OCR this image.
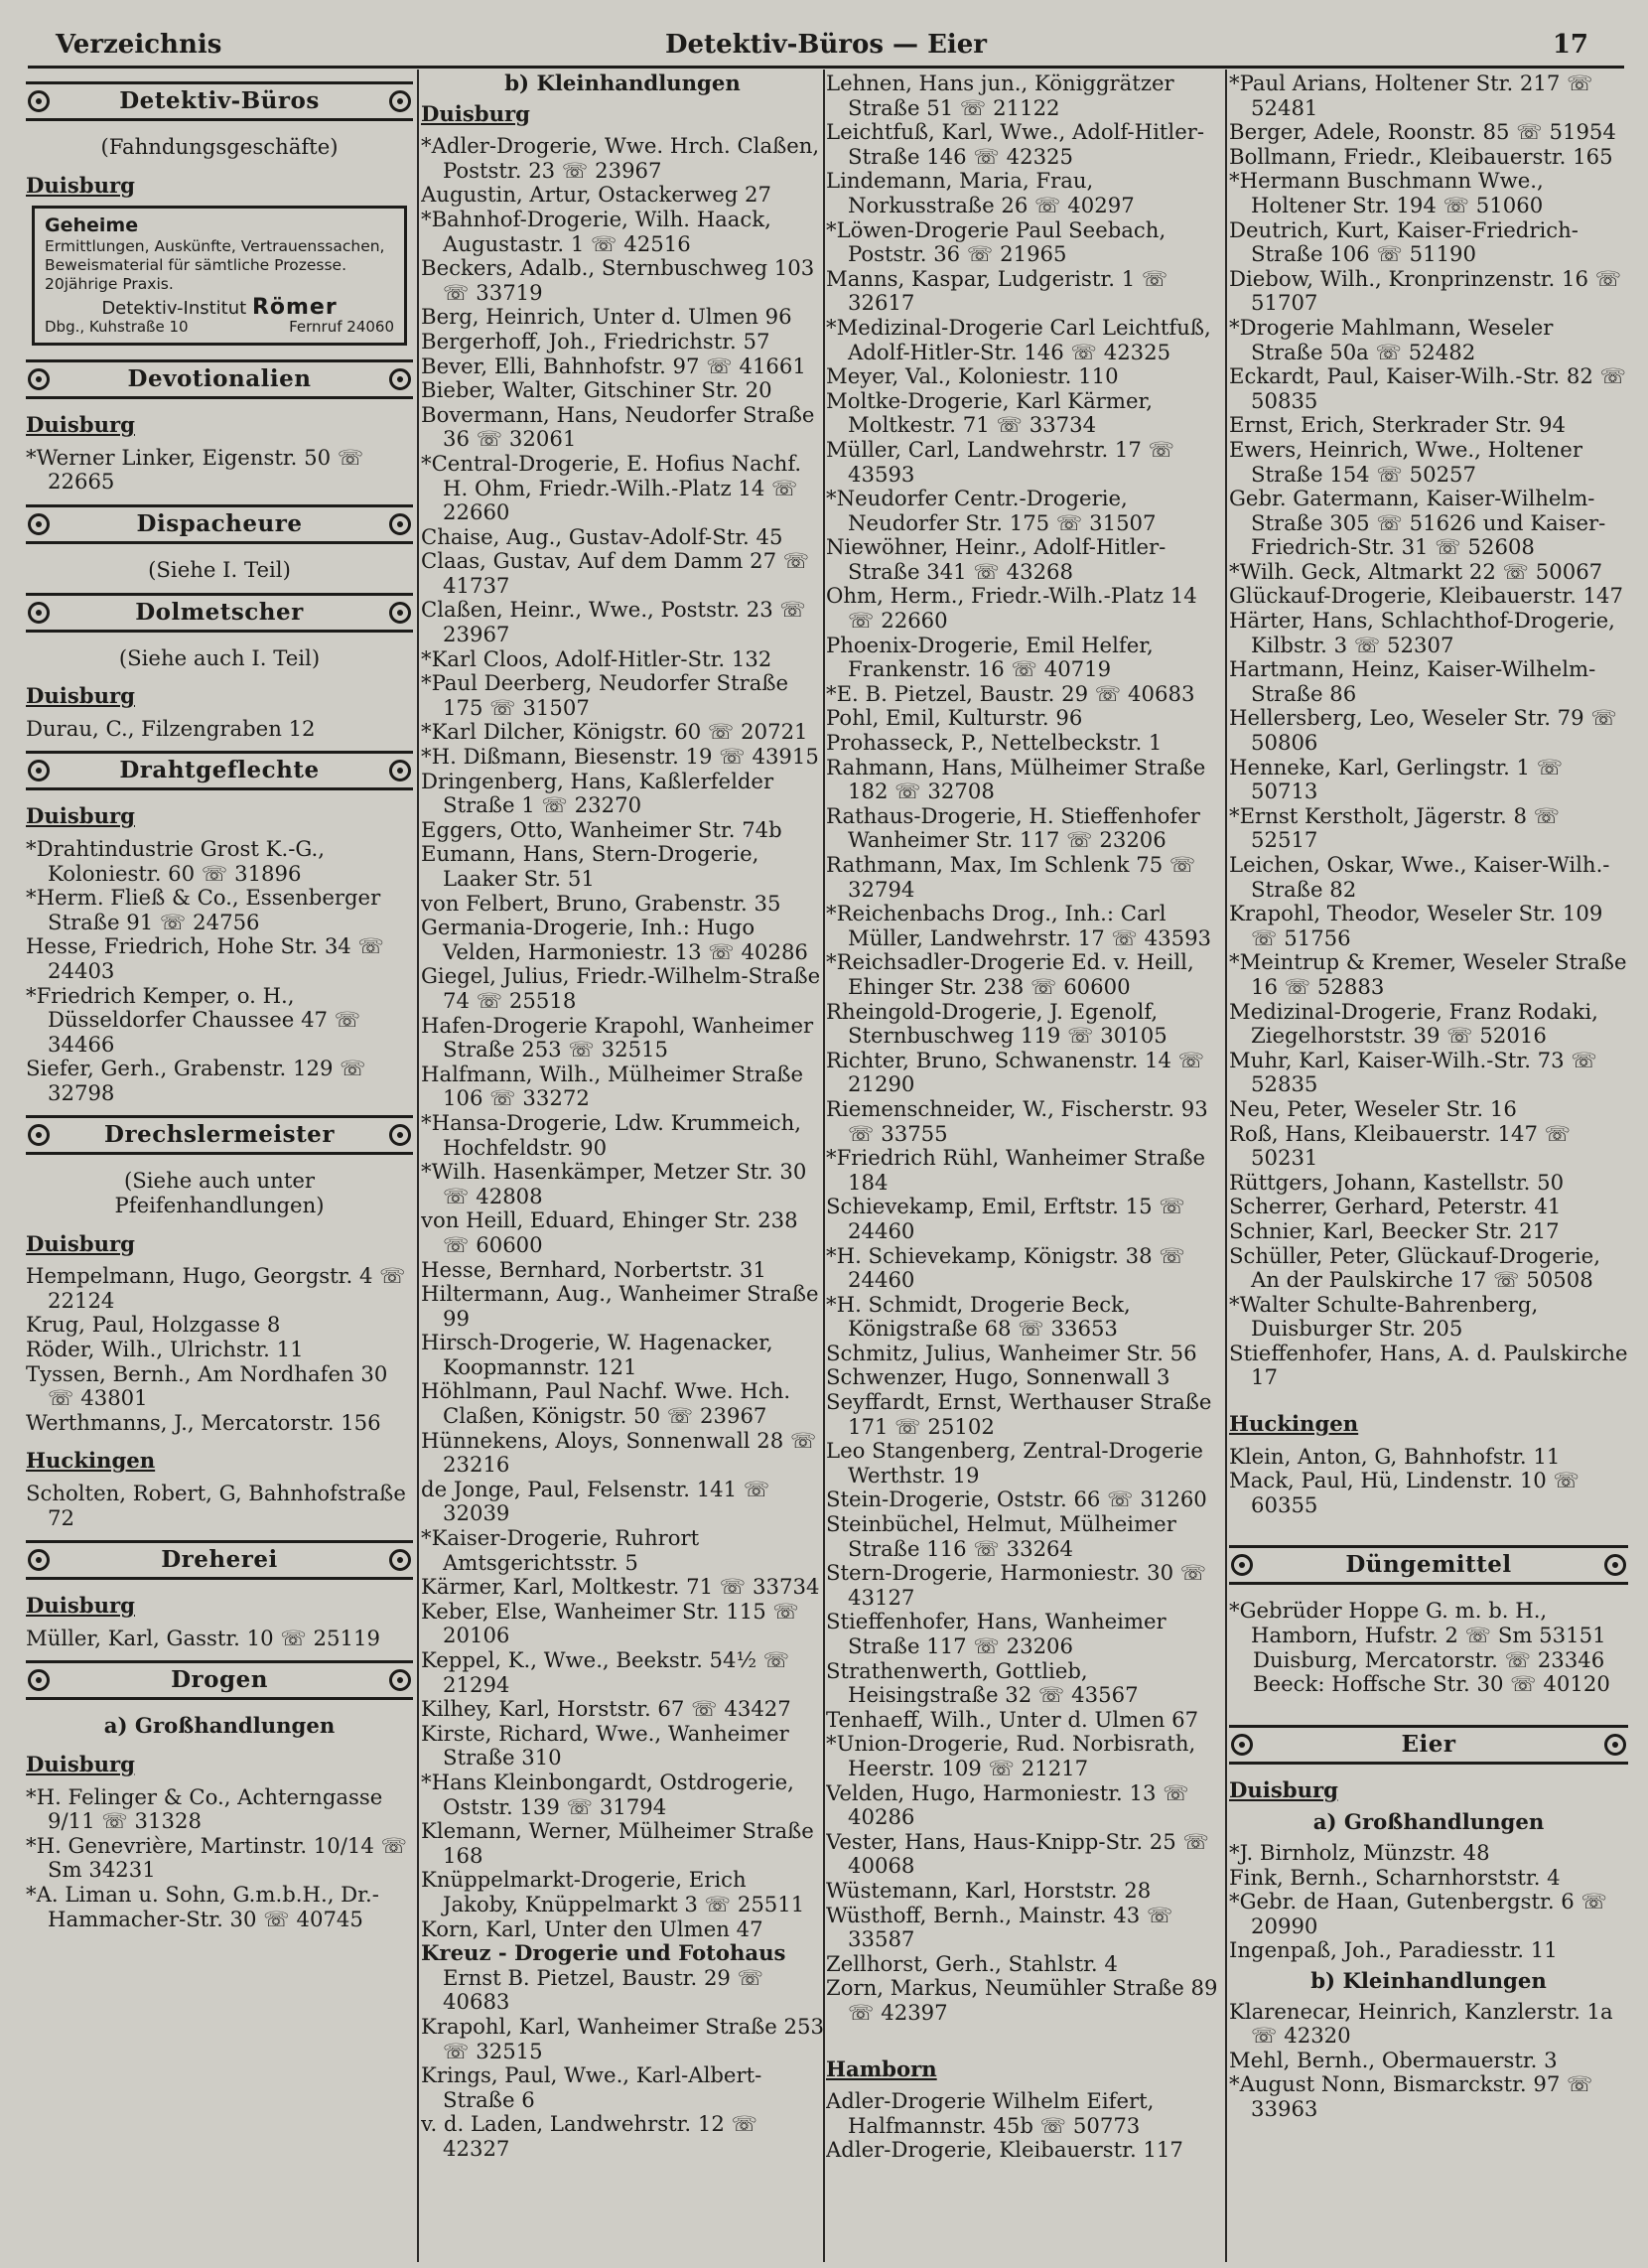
Verzeichnis	Detektiv-Büros — Eier	17
Detektiv-Büros

(Fahndungsgeschäfte)

Duisburg

Geheime
Ermittlungen, Auskünfte, Vertrauenssachen, Beweismaterial für sämtliche Prozesse. 20jährige Praxis.
Detektiv-Institut Römer
Dbg., Kuhstraße 10	Fernruf 24060
Devotionalien

Duisburg

*Werner Linker, Eigenstr. 50 ☏ 22665

Dispacheure

(Siehe I. Teil)

Dolmetscher

(Siehe auch I. Teil)

Duisburg

Durau, C., Filzengraben 12

Drahtgeflechte

Duisburg

*Drahtindustrie Grost K.-G., Koloniestr. 60 ☏ 31896

*Herm. Fließ & Co., Essenberger Straße 91 ☏ 24756

Hesse, Friedrich, Hohe Str. 34 ☏ 24403

*Friedrich Kemper, o. H., Düsseldorfer Chaussee 47 ☏ 34466

Siefer, Gerh., Grabenstr. 129 ☏ 32798

Drechslermeister

(Siehe auch unter Pfeifenhandlungen)

Duisburg

Hempelmann, Hugo, Georgstr. 4 ☏ 22124

Krug, Paul, Holzgasse 8

Röder, Wilh., Ulrichstr. 11

Tyssen, Bernh., Am Nordhafen 30 ☏ 43801

Werthmanns, J., Mercatorstr. 156

Huckingen

Scholten, Robert, G, Bahnhofstraße 72

Dreherei

Duisburg

Müller, Karl, Gasstr. 10 ☏ 25119

Drogen

a) Großhandlungen

Duisburg

*H. Felinger & Co., Achterngasse 9/11 ☏ 31328

*H. Genevrière, Martinstr. 10/14 ☏ Sm 34231

*A. Liman u. Sohn, G.m.b.H., Dr.-Hammacher-Str. 30 ☏ 40745

b) Kleinhandlungen

Duisburg

*Adler-Drogerie, Wwe. Hrch. Claßen, Poststr. 23 ☏ 23967

Augustin, Artur, Ostackerweg 27

*Bahnhof-Drogerie, Wilh. Haack, Augustastr. 1 ☏ 42516

Beckers, Adalb., Sternbuschweg 103 ☏ 33719

Berg, Heinrich, Unter d. Ulmen 96

Bergerhoff, Joh., Friedrichstr. 57

Bever, Elli, Bahnhofstr. 97 ☏ 41661

Bieber, Walter, Gitschiner Str. 20

Bovermann, Hans, Neudorfer Straße 36 ☏ 32061

*Central-Drogerie, E. Hofius Nachf. H. Ohm, Friedr.-Wilh.-Platz 14 ☏ 22660

Chaise, Aug., Gustav-Adolf-Str. 45

Claas, Gustav, Auf dem Damm 27 ☏ 41737

Claßen, Heinr., Wwe., Poststr. 23 ☏ 23967

*Karl Cloos, Adolf-Hitler-Str. 132

*Paul Deerberg, Neudorfer Straße 175 ☏ 31507

*Karl Dilcher, Königstr. 60 ☏ 20721

*H. Dißmann, Biesenstr. 19 ☏ 43915

Dringenberg, Hans, Kaßlerfelder Straße 1 ☏ 23270

Eggers, Otto, Wanheimer Str. 74b

Eumann, Hans, Stern-Drogerie, Laaker Str. 51

von Felbert, Bruno, Grabenstr. 35

Germania-Drogerie, Inh.: Hugo Velden, Harmoniestr. 13 ☏ 40286

Giegel, Julius, Friedr.-Wilhelm-Straße 74 ☏ 25518

Hafen-Drogerie Krapohl, Wanheimer Straße 253 ☏ 32515

Halfmann, Wilh., Mülheimer Straße 106 ☏ 33272

*Hansa-Drogerie, Ldw. Krummeich, Hochfeldstr. 90

*Wilh. Hasenkämper, Metzer Str. 30 ☏ 42808

von Heill, Eduard, Ehinger Str. 238 ☏ 60600

Hesse, Bernhard, Norbertstr. 31

Hiltermann, Aug., Wanheimer Straße 99

Hirsch-Drogerie, W. Hagenacker, Koopmannstr. 121

Höhlmann, Paul Nachf. Wwe. Hch. Claßen, Königstr. 50 ☏ 23967

Hünnekens, Aloys, Sonnenwall 28 ☏ 23216

de Jonge, Paul, Felsenstr. 141 ☏ 32039

*Kaiser-Drogerie, Ruhrort Amtsgerichtsstr. 5

Kärmer, Karl, Moltkestr. 71 ☏ 33734

Keber, Else, Wanheimer Str. 115 ☏ 20106

Keppel, K., Wwe., Beekstr. 54½ ☏ 21294

Kilhey, Karl, Horststr. 67 ☏ 43427

Kirste, Richard, Wwe., Wanheimer Straße 310

*Hans Kleinbongardt, Ostdrogerie, Oststr. 139 ☏ 31794

Klemann, Werner, Mülheimer Straße 168

Knüppelmarkt-Drogerie, Erich Jakoby, Knüppelmarkt 3 ☏ 25511

Korn, Karl, Unter den Ulmen 47

Kreuz - Drogerie und Fotohaus

Ernst B. Pietzel, Baustr. 29 ☏ 40683

Krapohl, Karl, Wanheimer Straße 253 ☏ 32515

Krings, Paul, Wwe., Karl-Albert-Straße 6

v. d. Laden, Landwehrstr. 12 ☏ 42327

Lehnen, Hans jun., Königgrätzer Straße 51 ☏ 21122

Leichtfuß, Karl, Wwe., Adolf-Hitler-Straße 146 ☏ 42325

Lindemann, Maria, Frau, Norkusstraße 26 ☏ 40297

*Löwen-Drogerie Paul Seebach, Poststr. 36 ☏ 21965

Manns, Kaspar, Ludgeristr. 1 ☏ 32617

*Medizinal-Drogerie Carl Leichtfuß, Adolf-Hitler-Str. 146 ☏ 42325

Meyer, Val., Koloniestr. 110

Moltke-Drogerie, Karl Kärmer, Moltkestr. 71 ☏ 33734

Müller, Carl, Landwehrstr. 17 ☏ 43593

*Neudorfer Centr.-Drogerie, Neudorfer Str. 175 ☏ 31507

Niewöhner, Heinr., Adolf-Hitler-Straße 341 ☏ 43268

Ohm, Herm., Friedr.-Wilh.-Platz 14 ☏ 22660

Phoenix-Drogerie, Emil Helfer, Frankenstr. 16 ☏ 40719

*E. B. Pietzel, Baustr. 29 ☏ 40683

Pohl, Emil, Kulturstr. 96

Prohasseck, P., Nettelbeckstr. 1

Rahmann, Hans, Mülheimer Straße 182 ☏ 32708

Rathaus-Drogerie, H. Stieffenhofer Wanheimer Str. 117 ☏ 23206

Rathmann, Max, Im Schlenk 75 ☏ 32794

*Reichenbachs Drog., Inh.: Carl Müller, Landwehrstr. 17 ☏ 43593

*Reichsadler-Drogerie Ed. v. Heill, Ehinger Str. 238 ☏ 60600

Rheingold-Drogerie, J. Egenolf, Sternbuschweg 119 ☏ 30105

Richter, Bruno, Schwanenstr. 14 ☏ 21290

Riemenschneider, W., Fischerstr. 93 ☏ 33755

*Friedrich Rühl, Wanheimer Straße 184

Schievekamp, Emil, Erftstr. 15 ☏ 24460

*H. Schievekamp, Königstr. 38 ☏ 24460

*H. Schmidt, Drogerie Beck, Königstraße 68 ☏ 33653

Schmitz, Julius, Wanheimer Str. 56

Schwenzer, Hugo, Sonnenwall 3

Seyffardt, Ernst, Werthauser Straße 171 ☏ 25102

Leo Stangenberg, Zentral-Drogerie Werthstr. 19

Stein-Drogerie, Oststr. 66 ☏ 31260

Steinbüchel, Helmut, Mülheimer Straße 116 ☏ 33264

Stern-Drogerie, Harmoniestr. 30 ☏ 43127

Stieffenhofer, Hans, Wanheimer Straße 117 ☏ 23206

Strathenwerth, Gottlieb, Heisingstraße 32 ☏ 43567

Tenhaeff, Wilh., Unter d. Ulmen 67

*Union-Drogerie, Rud. Norbisrath, Heerstr. 109 ☏ 21217

Velden, Hugo, Harmoniestr. 13 ☏ 40286

Vester, Hans, Haus-Knipp-Str. 25 ☏ 40068

Wüstemann, Karl, Horststr. 28

Wüsthoff, Bernh., Mainstr. 43 ☏ 33587

Zellhorst, Gerh., Stahlstr. 4

Zorn, Markus, Neumühler Straße 89 ☏ 42397

Hamborn

Adler-Drogerie Wilhelm Eifert, Halfmannstr. 45b ☏ 50773

Adler-Drogerie, Kleibauerstr. 117

*Paul Arians, Holtener Str. 217 ☏ 52481

Berger, Adele, Roonstr. 85 ☏ 51954

Bollmann, Friedr., Kleibauerstr. 165

*Hermann Buschmann Wwe., Holtener Str. 194 ☏ 51060

Deutrich, Kurt, Kaiser-Friedrich-Straße 106 ☏ 51190

Diebow, Wilh., Kronprinzenstr. 16 ☏ 51707

*Drogerie Mahlmann, Weseler Straße 50a ☏ 52482

Eckardt, Paul, Kaiser-Wilh.-Str. 82 ☏ 50835

Ernst, Erich, Sterkrader Str. 94

Ewers, Heinrich, Wwe., Holtener Straße 154 ☏ 50257

Gebr. Gatermann, Kaiser-Wilhelm-Straße 305 ☏ 51626 und Kaiser-Friedrich-Str. 31 ☏ 52608

*Wilh. Geck, Altmarkt 22 ☏ 50067

Glückauf-Drogerie, Kleibauerstr. 147

Härter, Hans, Schlachthof-Drogerie, Kilbstr. 3 ☏ 52307

Hartmann, Heinz, Kaiser-Wilhelm-Straße 86

Hellersberg, Leo, Weseler Str. 79 ☏ 50806

Henneke, Karl, Gerlingstr. 1 ☏ 50713

*Ernst Kerstholt, Jägerstr. 8 ☏ 52517

Leichen, Oskar, Wwe., Kaiser-Wilh.-Straße 82

Krapohl, Theodor, Weseler Str. 109 ☏ 51756

*Meintrup & Kremer, Weseler Straße 16 ☏ 52883

Medizinal-Drogerie, Franz Rodaki, Ziegelhorststr. 39 ☏ 52016

Muhr, Karl, Kaiser-Wilh.-Str. 73 ☏ 52835

Neu, Peter, Weseler Str. 16

Roß, Hans, Kleibauerstr. 147 ☏ 50231

Rüttgers, Johann, Kastellstr. 50

Scherrer, Gerhard, Peterstr. 41

Schnier, Karl, Beecker Str. 217

Schüller, Peter, Glückauf-Drogerie, An der Paulskirche 17 ☏ 50508

*Walter Schulte-Bahrenberg, Duisburger Str. 205

Stieffenhofer, Hans, A. d. Paulskirche 17

Huckingen

Klein, Anton, G, Bahnhofstr. 11

Mack, Paul, Hü, Lindenstr. 10 ☏ 60355

Düngemittel

*Gebrüder Hoppe G. m. b. H., Hamborn, Hufstr. 2 ☏ Sm 53151

Duisburg, Mercatorstr. ☏ 23346

Beeck: Hoffsche Str. 30 ☏ 40120

Eier

Duisburg

a) Großhandlungen

*J. Birnholz, Münzstr. 48

Fink, Bernh., Scharnhorststr. 4

*Gebr. de Haan, Gutenbergstr. 6 ☏ 20990

Ingenpaß, Joh., Paradiesstr. 11

b) Kleinhandlungen

Klarenecar, Heinrich, Kanzlerstr. 1a ☏ 42320

Mehl, Bernh., Obermauerstr. 3

*August Nonn, Bismarckstr. 97 ☏ 33963
